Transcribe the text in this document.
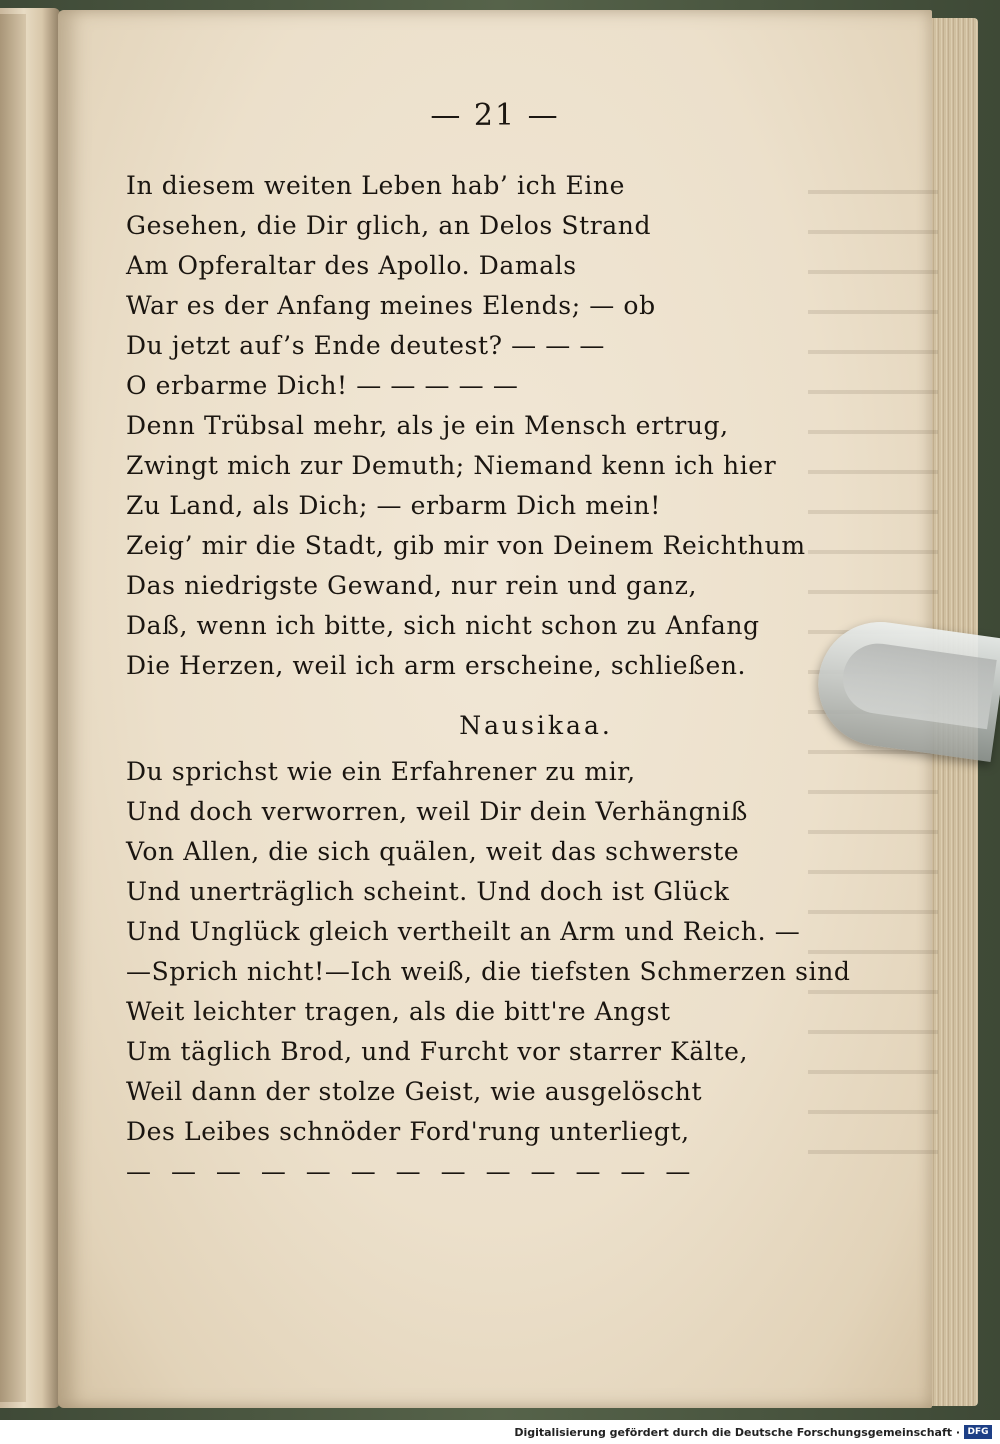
— 21 —
In diesem weiten Leben hab’ ich Eine
Gesehen, die Dir glich, an Delos Strand
Am Opferaltar des Apollo. Damals
War es der Anfang meines Elends; — ob
Du jetzt auf’s Ende deutest? — — —
O erbarme Dich! — — — — —
Denn Trübsal mehr, als je ein Mensch ertrug,
Zwingt mich zur Demuth; Niemand kenn ich hier
Zu Land, als Dich; — erbarm Dich mein!
Zeig’ mir die Stadt, gib mir von Deinem Reichthum
Das niedrigste Gewand, nur rein und ganz,
Daß, wenn ich bitte, sich nicht schon zu Anfang
Die Herzen, weil ich arm erscheine, schließen.
Nausikaa.
Du sprichst wie ein Erfahrener zu mir,
Und doch verworren, weil Dir dein Verhängniß
Von Allen, die sich quälen, weit das schwerste
Und unerträglich scheint. Und doch ist Glück
Und Unglück gleich vertheilt an Arm und Reich. —
—Sprich nicht!—Ich weiß, die tiefsten Schmerzen sind
Weit leichter tragen, als die bitt're Angst
Um täglich Brod, und Furcht vor starrer Kälte,
Weil dann der stolze Geist, wie ausgelöscht
Des Leibes schnöder Ford'rung unterliegt,
— — — — — — — — — — — — —
Digitalisierung gefördert durch die Deutsche Forschungsgemeinschaft · DFG
